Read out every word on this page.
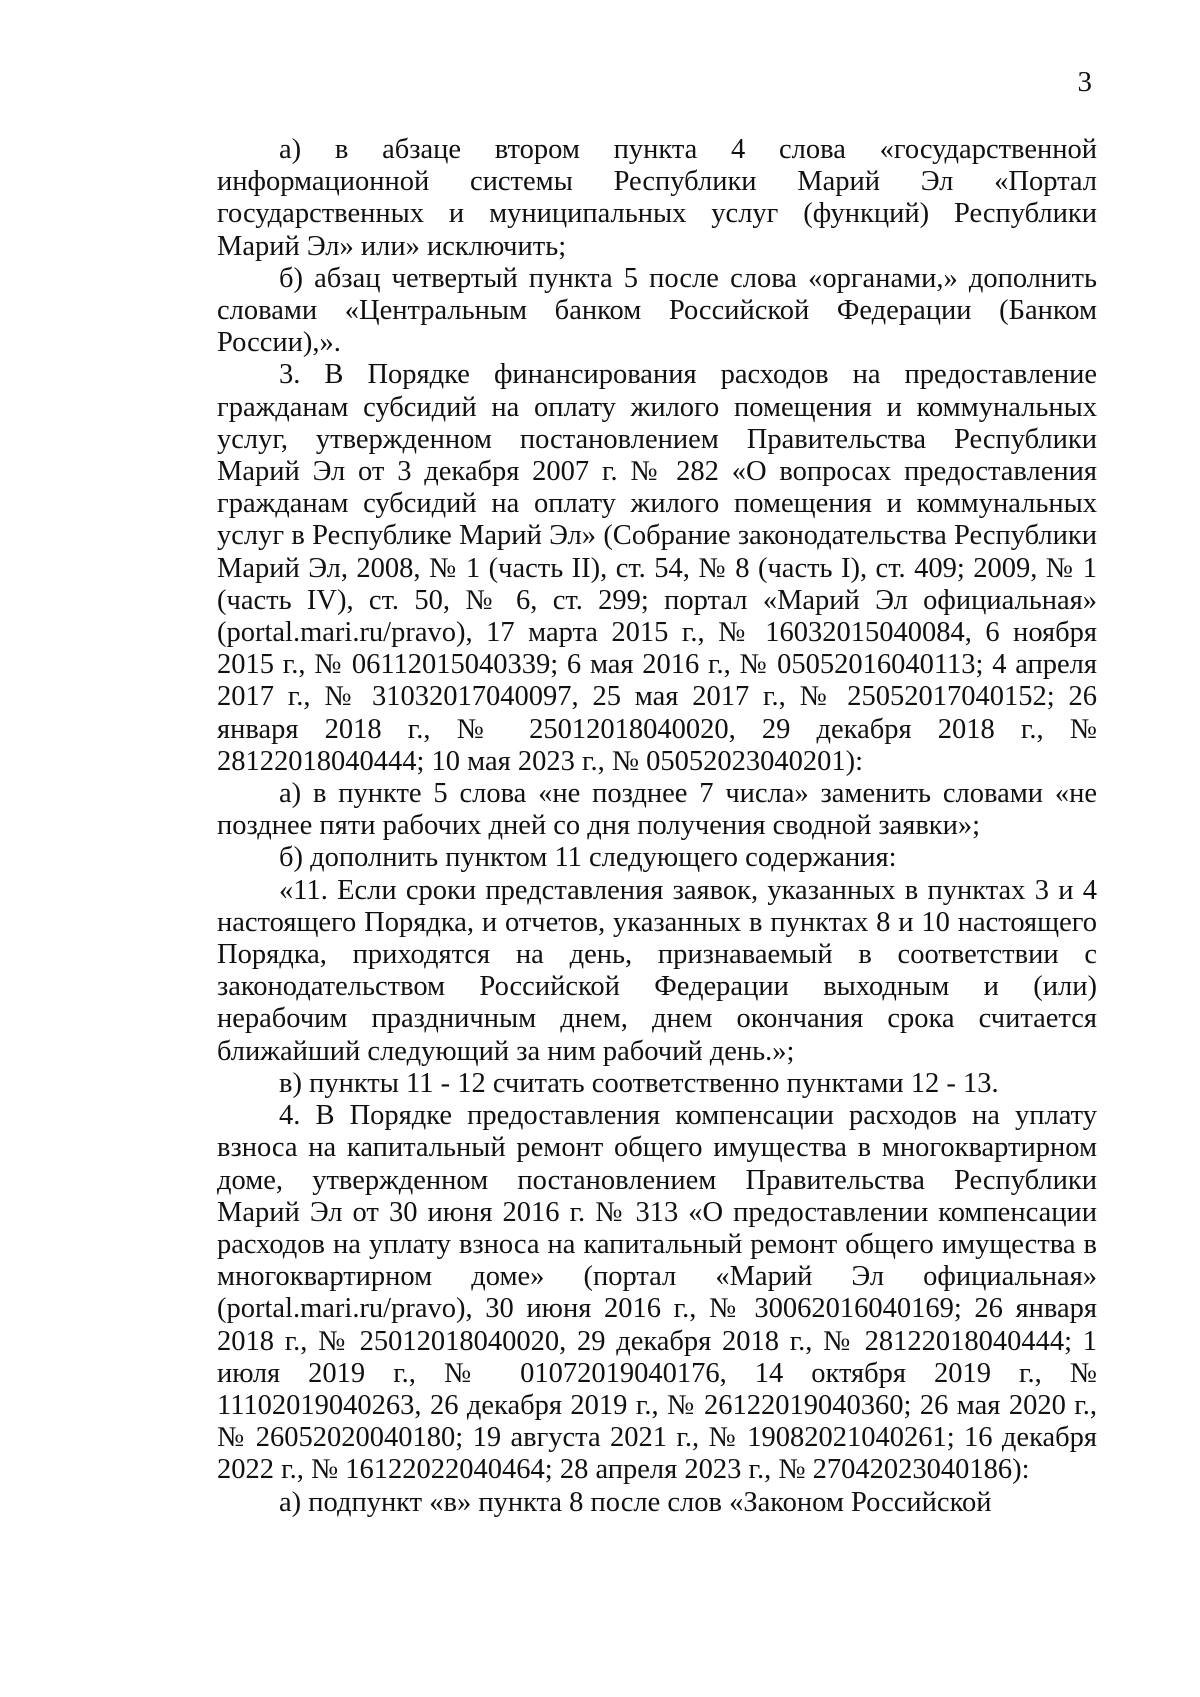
3

а) в абзаце втором пункта 4 слова «государственной информационной системы Республики Марий Эл «Портал государственных и муниципальных услуг (функций) Республики Марий Эл» или» исключить;

б) абзац четвертый пункта 5 после слова «органами,» дополнить словами «Центральным банком Российской Федерации (Банком России),».

3. В Порядке финансирования расходов на предоставление гражданам субсидий на оплату жилого помещения и коммунальных услуг, утвержденном постановлением Правительства Республики Марий Эл от 3 декабря 2007 г. № 282 «О вопросах предоставления гражданам субсидий на оплату жилого помещения и коммунальных услуг в Республике Марий Эл» (Собрание законодательства Республики Марий Эл, 2008, № 1 (часть II), ст. 54, № 8 (часть I), ст. 409; 2009, № 1 (часть IV), ст. 50, № 6, ст. 299; портал «Марий Эл официальная» (portal.mari.ru/pravo), 17 марта 2015 г., № 16032015040084, 6 ноября 2015 г., № 06112015040339; 6 мая 2016 г., № 05052016040113; 4 апреля 2017 г., № 31032017040097, 25 мая 2017 г., № 25052017040152; 26 января 2018 г., № 25012018040020, 29 декабря 2018 г., № 28122018040444; 10 мая 2023 г., № 05052023040201):

а) в пункте 5 слова «не позднее 7 числа» заменить словами «не позднее пяти рабочих дней со дня получения сводной заявки»;

б) дополнить пунктом 11 следующего содержания:

«11. Если сроки представления заявок, указанных в пунктах 3 и 4 настоящего Порядка, и отчетов, указанных в пунктах 8 и 10 настоящего Порядка, приходятся на день, признаваемый в соответствии с законодательством Российской Федерации выходным и (или) нерабочим праздничным днем, днем окончания срока считается ближайший следующий за ним рабочий день.»;

в) пункты 11 - 12 считать соответственно пунктами 12 - 13.

4. В Порядке предоставления компенсации расходов на уплату взноса на капитальный ремонт общего имущества в многоквартирном доме, утвержденном постановлением Правительства Республики Марий Эл от 30 июня 2016 г. № 313 «О предоставлении компенсации расходов на уплату взноса на капитальный ремонт общего имущества в многоквартирном доме» (портал «Марий Эл официальная» (portal.mari.ru/pravo), 30 июня 2016 г., № 30062016040169; 26 января 2018 г., № 25012018040020, 29 декабря 2018 г., № 28122018040444; 1 июля 2019 г., № 01072019040176, 14 октября 2019 г., № 11102019040263, 26 декабря 2019 г., № 26122019040360; 26 мая 2020 г., № 26052020040180; 19 августа 2021 г., № 19082021040261; 16 декабря 2022 г., № 16122022040464; 28 апреля 2023 г., № 27042023040186):

а) подпункт «в» пункта 8 после слов «Законом Российской
